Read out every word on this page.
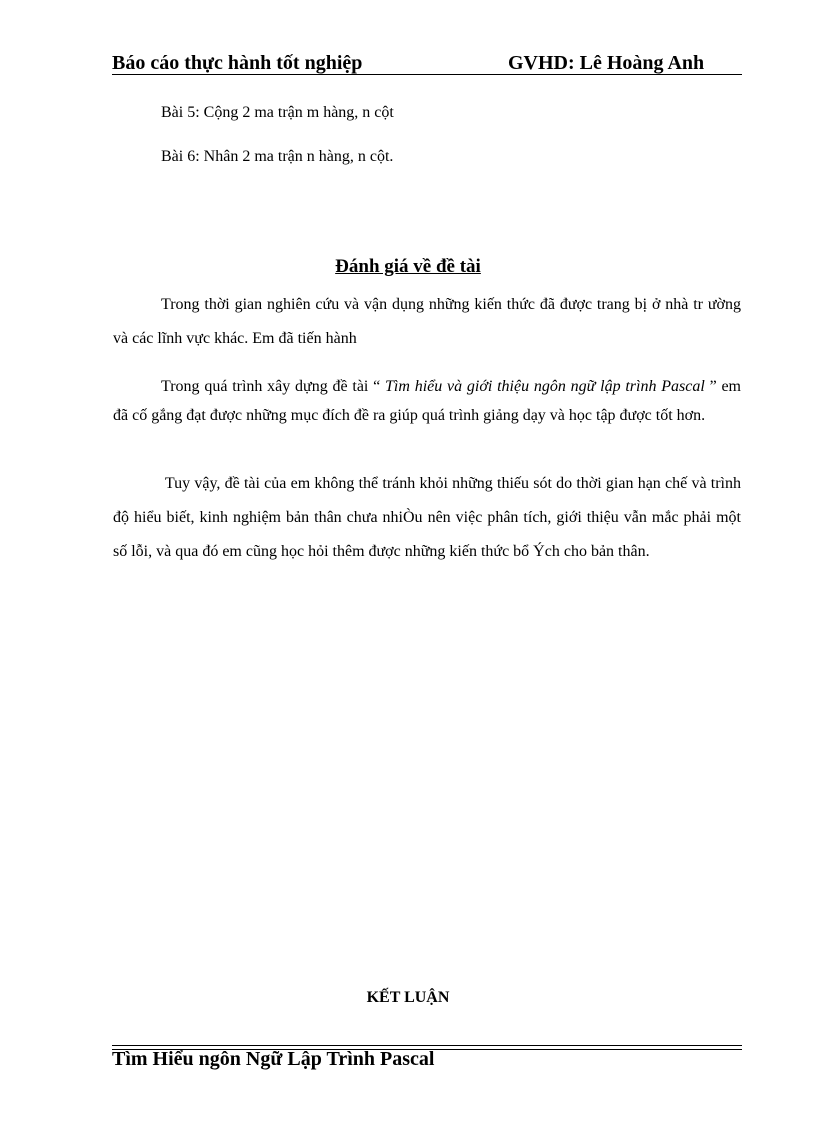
Báo cáo thực hành tốt nghiệp	GVHD: Lê Hoàng Anh
Bài 5: Cộng 2 ma trận m hàng, n cột
Bài 6: Nhân 2 ma trận n hàng, n cột.
Đánh giá về đề tài

Trong thời gian nghiên cứu và vận dụng những kiến thức đã được trang bị ở nhà tr ường và các lĩnh vực khác. Em đã tiến hành

Trong quá trình xây dựng đề tài “ Tìm hiểu và giới thiệu ngôn ngữ lập trình Pascal ” em đã cố gắng đạt được những mục đích đề ra giúp quá trình giảng dạy và học tập được tốt hơn.

Tuy vậy, đề tài của em không thể tránh khỏi những thiếu sót do thời gian hạn chế và trình độ hiểu biết, kinh nghiệm bản thân chưa nhiÒu nên việc phân tích, giới thiệu vẫn mắc phải một số lỗi, và qua đó em cũng học hỏi thêm được những kiến thức bổ Ých cho bản thân.

KẾT LUẬN
Tìm Hiểu ngôn Ngữ Lập Trình Pascal
